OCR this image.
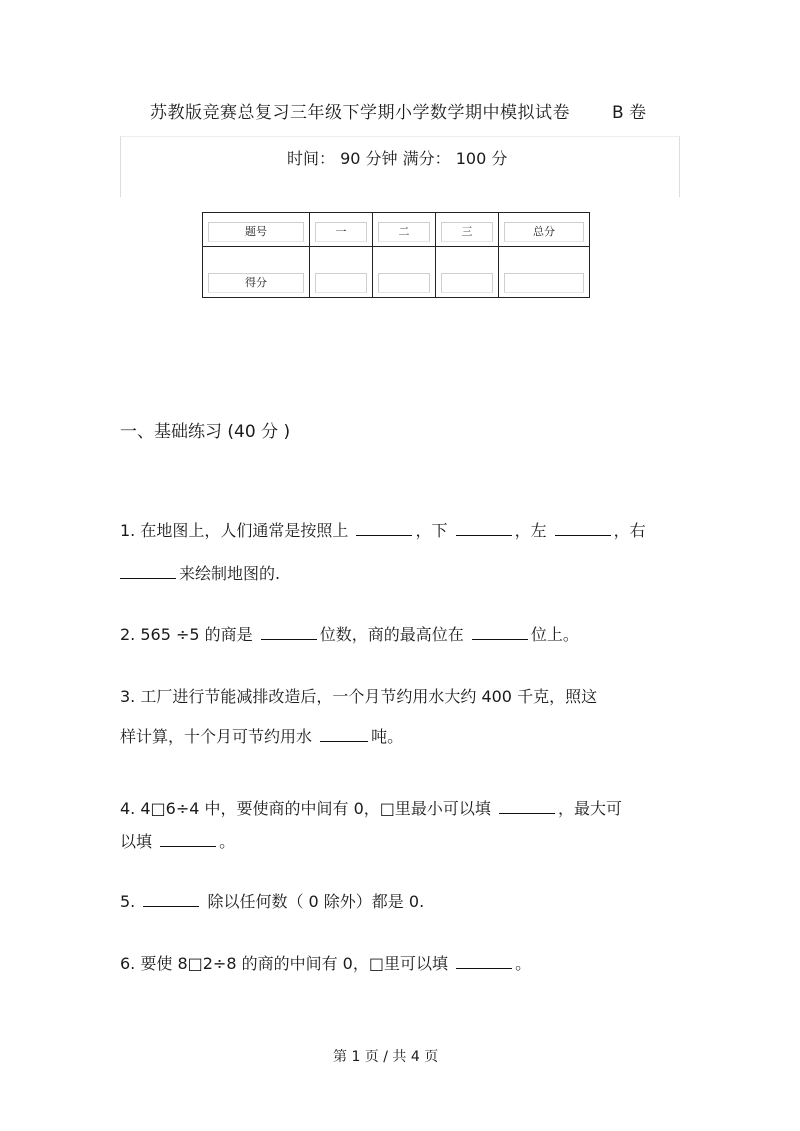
苏教版竞赛总复习三年级下学期小学数学期中模拟试卷 B 卷
时间： 90 分钟 满分： 100 分
题号	一	二	三	总分

得分				

一、基础练习 (40 分 )
1. 在地图上，人们通常是按照上	，下	，左	，右
来绘制地图的.
2. 565 ÷5 的商是	位数，商的最高位在	位上。
3. 工厂进行节能减排改造后，一个月节约用水大约 400 千克，照这
样计算，十个月可节约用水	吨。
4. 4□6÷4 中，要使商的中间有 0，□里最小可以填	，最大可
以填	。
5.	除以任何数（ 0 除外）都是 0.
6. 要使 8□2÷8 的商的中间有 0，□里可以填	。
第 1 页 / 共 4 页
